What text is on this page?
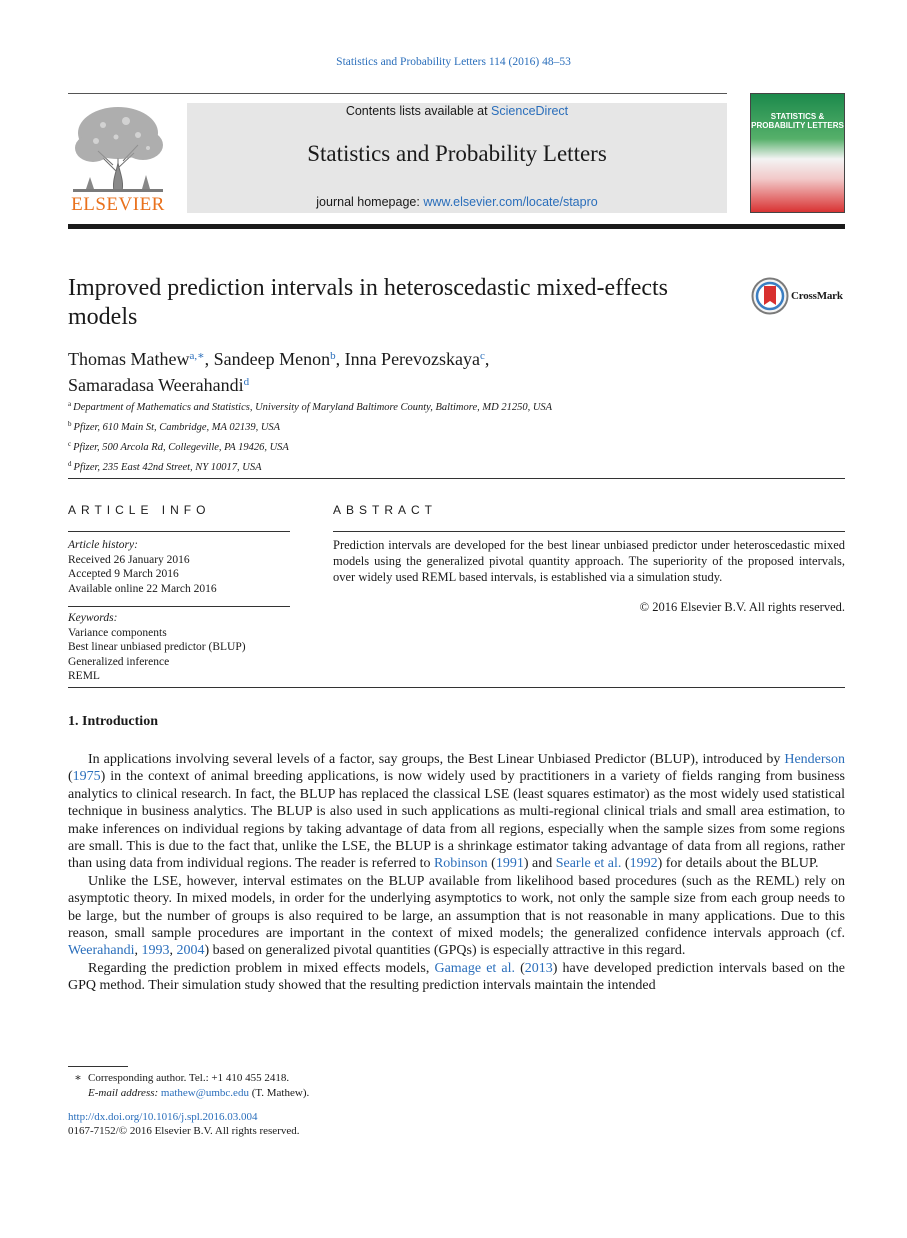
Statistics and Probability Letters 114 (2016) 48–53
ELSEVIER
Contents lists available at ScienceDirect
Statistics and Probability Letters
journal homepage: www.elsevier.com/locate/stapro
STATISTICS & PROBABILITY LETTERS
Improved prediction intervals in heteroscedastic mixed-effects models
CrossMark
Thomas Mathew$^{a,∗}$, Sandeep Menon$^b$, Inna Perevozskaya$^c$,
Samaradasa Weerahandi$^d$
$^a$ Department of Mathematics and Statistics, University of Maryland Baltimore County, Baltimore, MD 21250, USA
$^b$ Pfizer, 610 Main St, Cambridge, MA 02139, USA
$^c$ Pfizer, 500 Arcola Rd, Collegeville, PA 19426, USA
$^d$ Pfizer, 235 East 42nd Street, NY 10017, USA
ARTICLE INFO
Article history:
Received 26 January 2016
Accepted 9 March 2016
Available online 22 March 2016
Keywords:
Variance components
Best linear unbiased predictor (BLUP)
Generalized inference
REML
ABSTRACT
Prediction intervals are developed for the best linear unbiased predictor under heteroscedastic mixed models using the generalized pivotal quantity approach. The superiority of the proposed intervals, over widely used REML based intervals, is established via a simulation study.
© 2016 Elsevier B.V. All rights reserved.
1. Introduction

In applications involving several levels of a factor, say groups, the Best Linear Unbiased Predictor (BLUP), introduced by Henderson (1975) in the context of animal breeding applications, is now widely used by practitioners in a variety of fields ranging from business analytics to clinical research. In fact, the BLUP has replaced the classical LSE (least squares estimator) as the most widely used statistical technique in business analytics. The BLUP is also used in such applications as multi-regional clinical trials and small area estimation, to make inferences on individual regions by taking advantage of data from all regions, especially when the sample sizes from some regions are small. This is due to the fact that, unlike the LSE, the BLUP is a shrinkage estimator taking advantage of data from all regions, rather than using data from individual regions. The reader is referred to Robinson (1991) and Searle et al. (1992) for details about the BLUP.

Unlike the LSE, however, interval estimates on the BLUP available from likelihood based procedures (such as the REML) rely on asymptotic theory. In mixed models, in order for the underlying asymptotics to work, not only the sample size from each group needs to be large, but the number of groups is also required to be large, an assumption that is not reasonable in many applications. Due to this reason, small sample procedures are important in the context of mixed models; the generalized confidence intervals approach (cf. Weerahandi, 1993, 2004) based on generalized pivotal quantities (GPQs) is especially attractive in this regard.

Regarding the prediction problem in mixed effects models, Gamage et al. (2013) have developed prediction intervals based on the GPQ method. Their simulation study showed that the resulting prediction intervals maintain the intended

∗ Corresponding author. Tel.: +1 410 455 2418.
E-mail address: mathew@umbc.edu (T. Mathew).
http://dx.doi.org/10.1016/j.spl.2016.03.004
0167-7152/© 2016 Elsevier B.V. All rights reserved.
